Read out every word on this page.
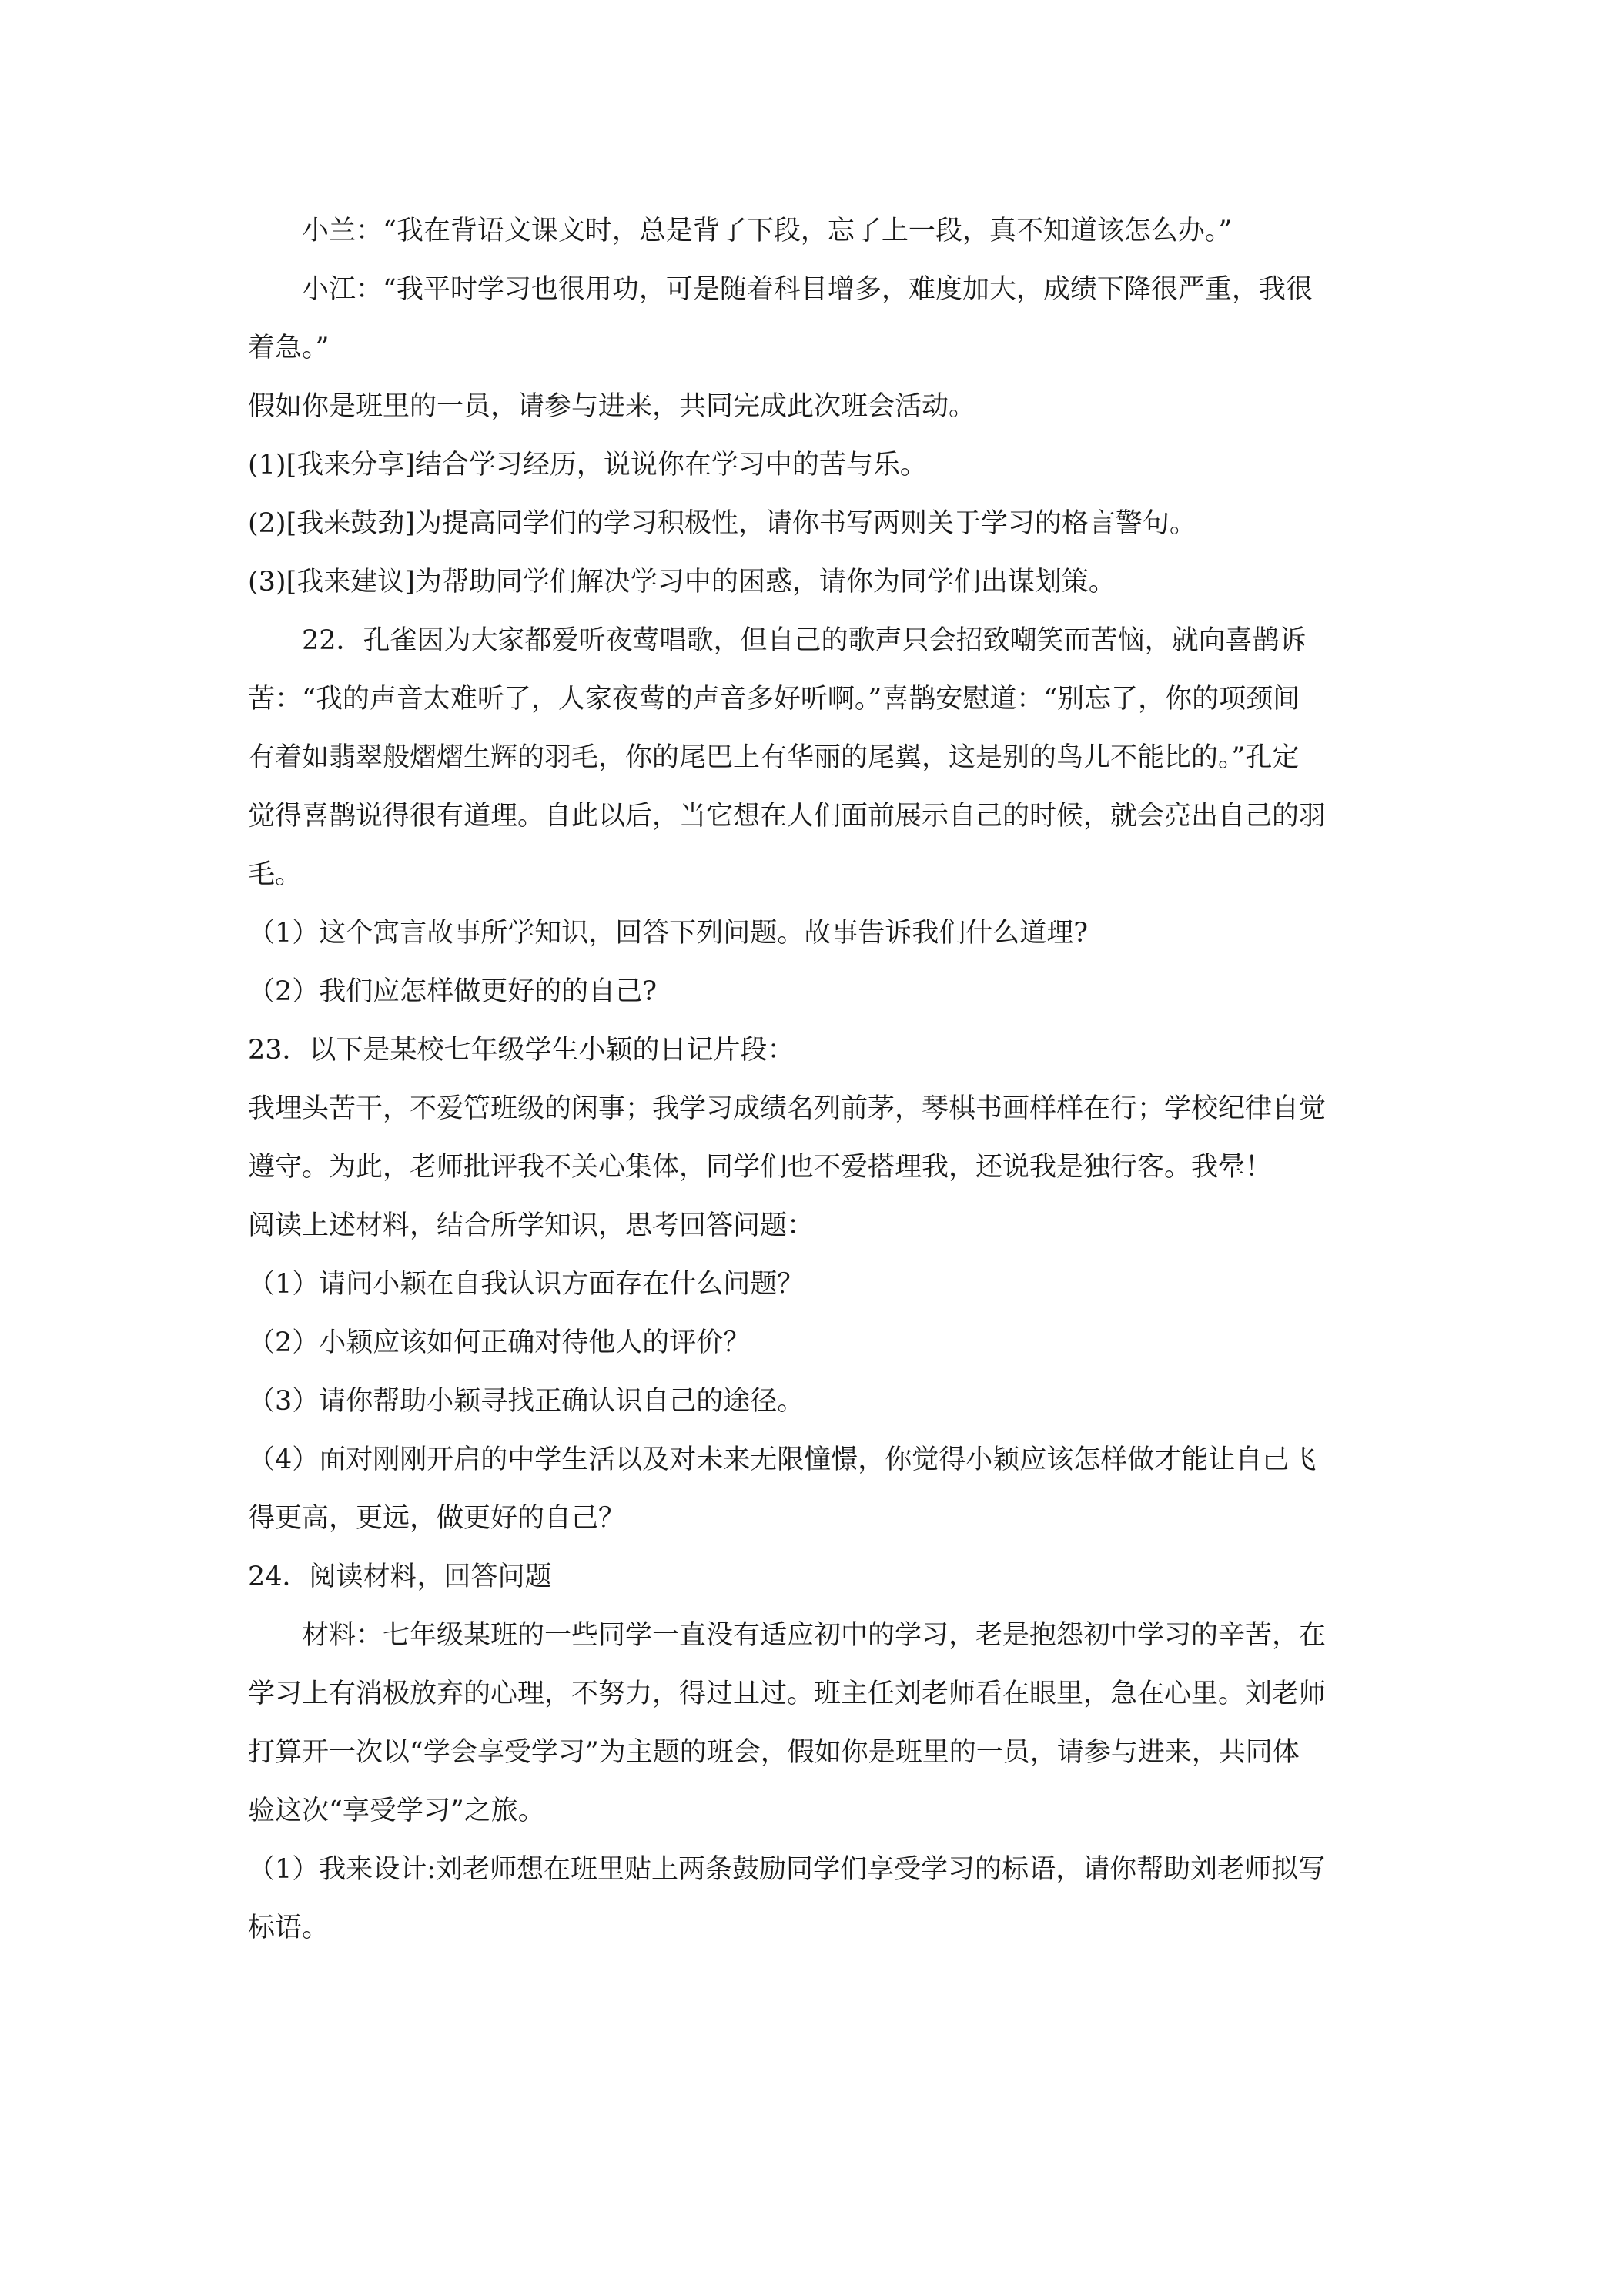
小兰：“我在背语文课文时，总是背了下段，忘了上一段，真不知道该怎么办。”
小江：“我平时学习也很用功，可是随着科目增多，难度加大，成绩下降很严重，我很
着急。”
假如你是班里的一员，请参与进来，共同完成此次班会活动。
(1)[我来分享]结合学习经历，说说你在学习中的苦与乐。
(2)[我来鼓劲]为提高同学们的学习积极性，请你书写两则关于学习的格言警句。
(3)[我来建议]为帮助同学们解决学习中的困惑，请你为同学们出谋划策。
22．孔雀因为大家都爱听夜莺唱歌，但自己的歌声只会招致嘲笑而苦恼，就向喜鹊诉
苦：“我的声音太难听了，人家夜莺的声音多好听啊。”喜鹊安慰道：“别忘了，你的项颈间
有着如翡翠般熠熠生辉的羽毛，你的尾巴上有华丽的尾翼，这是别的鸟儿不能比的。”孔定
觉得喜鹊说得很有道理。自此以后，当它想在人们面前展示自己的时候，就会亮出自己的羽
毛。
（1）这个寓言故事所学知识，回答下列问题。故事告诉我们什么道理?
（2）我们应怎样做更好的的自己?
23．以下是某校七年级学生小颖的日记片段：
我埋头苦干，不爱管班级的闲事；我学习成绩名列前茅，琴棋书画样样在行；学校纪律自觉
遵守。为此，老师批评我不关心集体，同学们也不爱搭理我，还说我是独行客。我晕！
阅读上述材料，结合所学知识，思考回答问题：
（1）请问小颖在自我认识方面存在什么问题？
（2）小颖应该如何正确对待他人的评价？
（3）请你帮助小颖寻找正确认识自己的途径。
（4）面对刚刚开启的中学生活以及对未来无限憧憬，你觉得小颖应该怎样做才能让自己飞
得更高，更远，做更好的自己？
24．阅读材料，回答问题
材料：七年级某班的一些同学一直没有适应初中的学习，老是抱怨初中学习的辛苦，在
学习上有消极放弃的心理，不努力，得过且过。班主任刘老师看在眼里，急在心里。刘老师
打算开一次以“学会享受学习”为主题的班会，假如你是班里的一员，请参与进来，共同体
验这次“享受学习”之旅。
（1）我来设计:刘老师想在班里贴上两条鼓励同学们享受学习的标语，请你帮助刘老师拟写
标语。
